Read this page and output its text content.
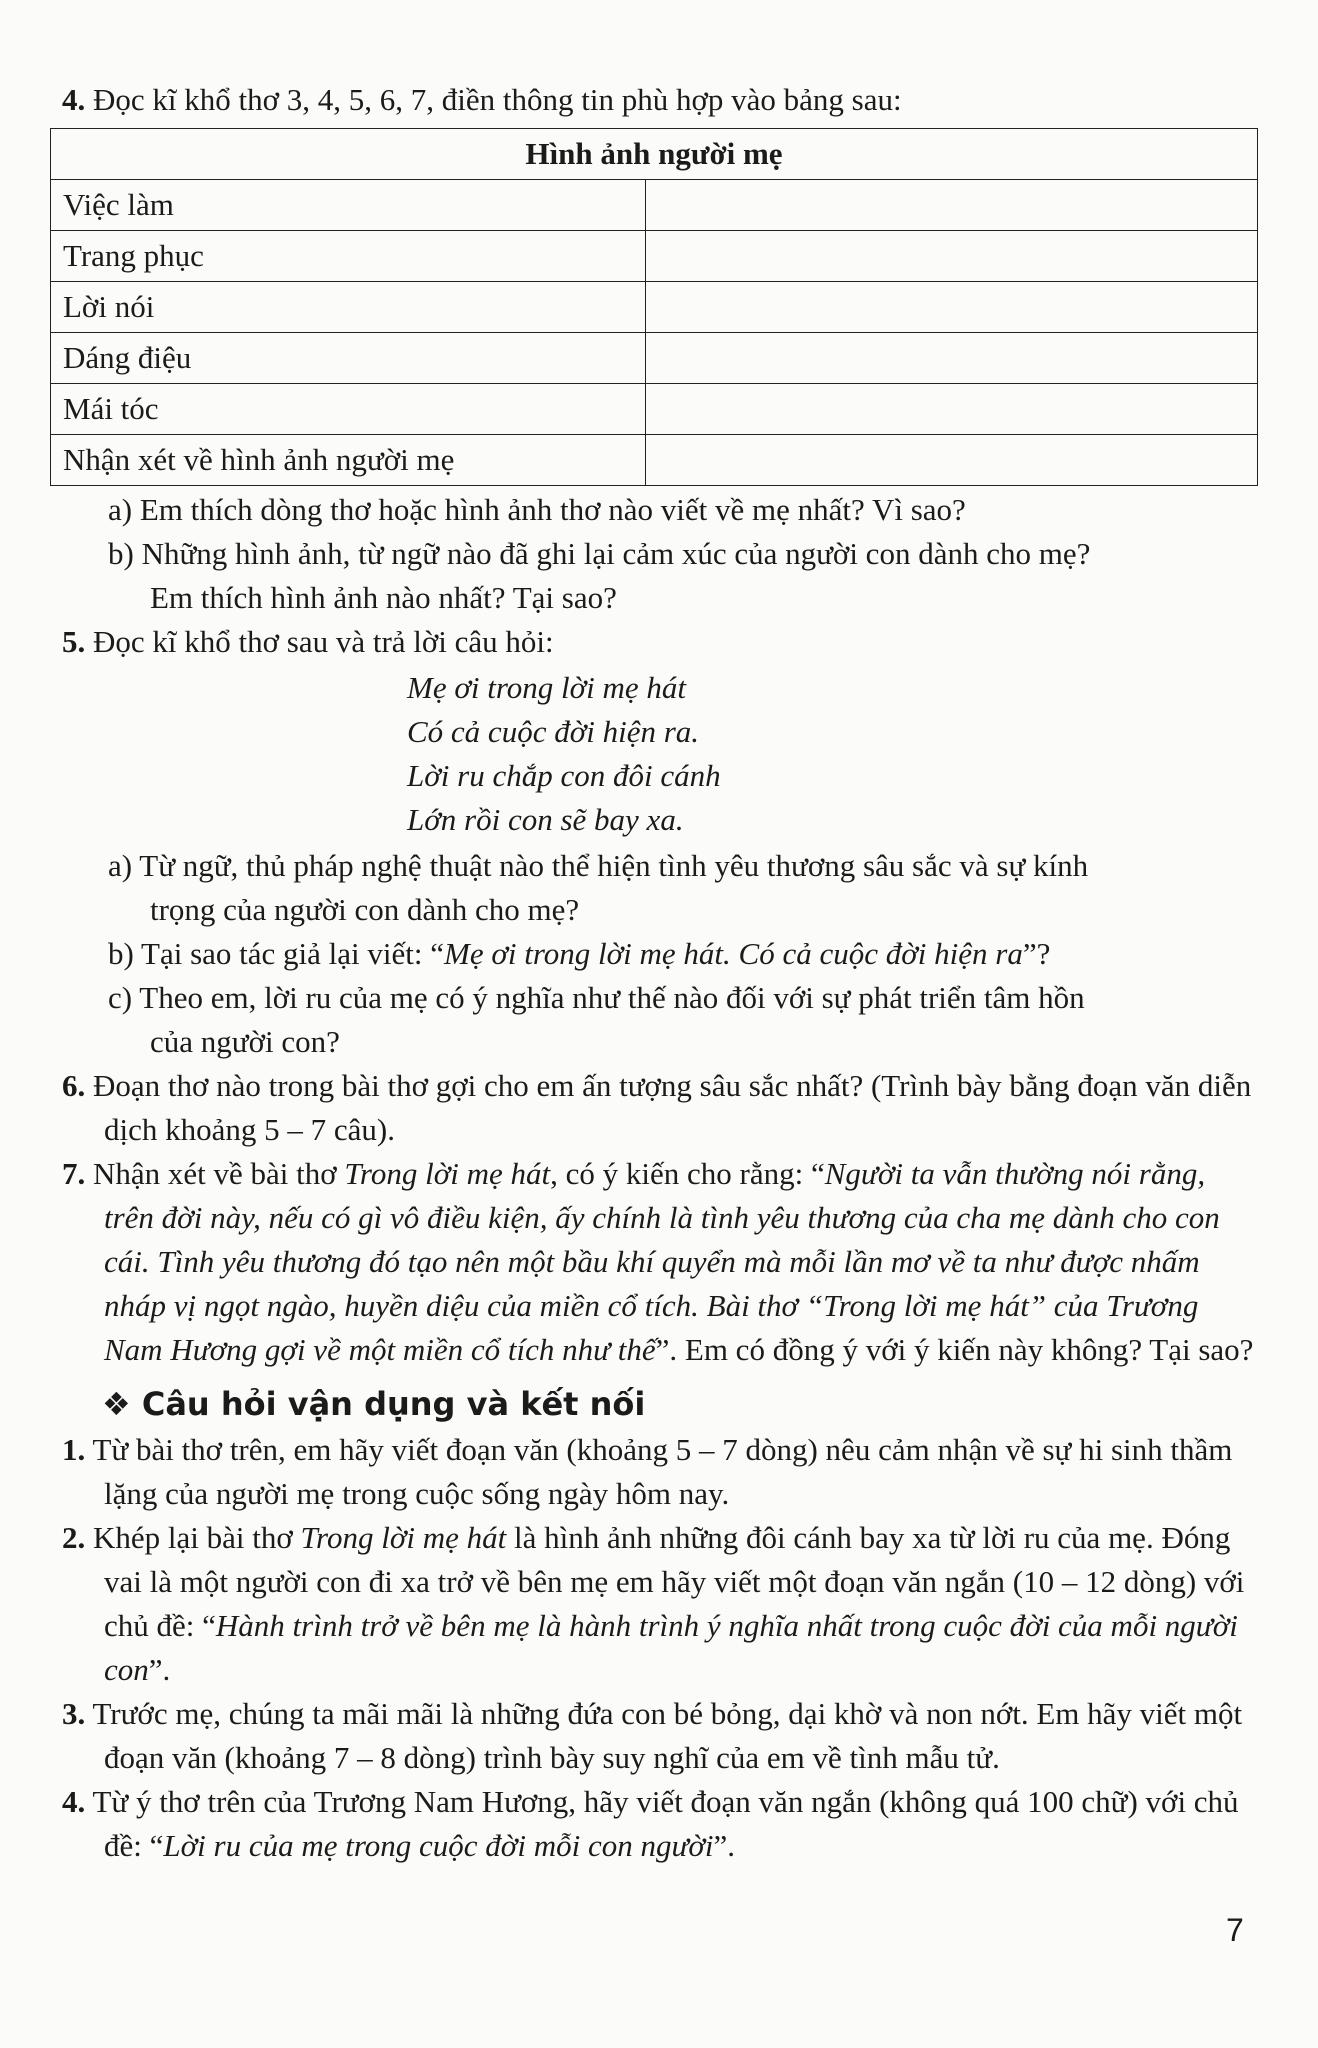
4. Đọc kĩ khổ thơ 3, 4, 5, 6, 7, điền thông tin phù hợp vào bảng sau:

Hình ảnh người mẹ	
Việc làm	
Trang phục	
Lời nói	
Dáng điệu	
Mái tóc	
Nhận xét về hình ảnh người mẹ	

a) Em thích dòng thơ hoặc hình ảnh thơ nào viết về mẹ nhất? Vì sao?

b) Những hình ảnh, từ ngữ nào đã ghi lại cảm xúc của người con dành cho mẹ?
Em thích hình ảnh nào nhất? Tại sao?

5. Đọc kĩ khổ thơ sau và trả lời câu hỏi:

Mẹ ơi trong lời mẹ hát
Có cả cuộc đời hiện ra.
Lời ru chắp con đôi cánh
Lớn rồi con sẽ bay xa.

a) Từ ngữ, thủ pháp nghệ thuật nào thể hiện tình yêu thương sâu sắc và sự kính
trọng của người con dành cho mẹ?

b) Tại sao tác giả lại viết: “Mẹ ơi trong lời mẹ hát. Có cả cuộc đời hiện ra”?

c) Theo em, lời ru của mẹ có ý nghĩa như thế nào đối với sự phát triển tâm hồn
của người con?

6. Đoạn thơ nào trong bài thơ gợi cho em ấn tượng sâu sắc nhất? (Trình bày bằng đoạn văn diễn dịch khoảng 5 – 7 câu).

7. Nhận xét về bài thơ Trong lời mẹ hát, có ý kiến cho rằng: “Người ta vẫn thường nói rằng, trên đời này, nếu có gì vô điều kiện, ấy chính là tình yêu thương của cha mẹ dành cho con cái. Tình yêu thương đó tạo nên một bầu khí quyển mà mỗi lần mơ về ta như được nhấm nháp vị ngọt ngào, huyền diệu của miền cổ tích. Bài thơ “Trong lời mẹ hát” của Trương Nam Hương gợi về một miền cổ tích như thế”. Em có đồng ý với ý kiến này không? Tại sao?

❖ Câu hỏi vận dụng và kết nối

1. Từ bài thơ trên, em hãy viết đoạn văn (khoảng 5 – 7 dòng) nêu cảm nhận về sự hi sinh thầm lặng của người mẹ trong cuộc sống ngày hôm nay.

2. Khép lại bài thơ Trong lời mẹ hát là hình ảnh những đôi cánh bay xa từ lời ru của mẹ. Đóng vai là một người con đi xa trở về bên mẹ em hãy viết một đoạn văn ngắn (10 – 12 dòng) với chủ đề: “Hành trình trở về bên mẹ là hành trình ý nghĩa nhất trong cuộc đời của mỗi người con”.

3. Trước mẹ, chúng ta mãi mãi là những đứa con bé bỏng, dại khờ và non nớt. Em hãy viết một đoạn văn (khoảng 7 – 8 dòng) trình bày suy nghĩ của em về tình mẫu tử.

4. Từ ý thơ trên của Trương Nam Hương, hãy viết đoạn văn ngắn (không quá 100 chữ) với chủ đề: “Lời ru của mẹ trong cuộc đời mỗi con người”.

7
